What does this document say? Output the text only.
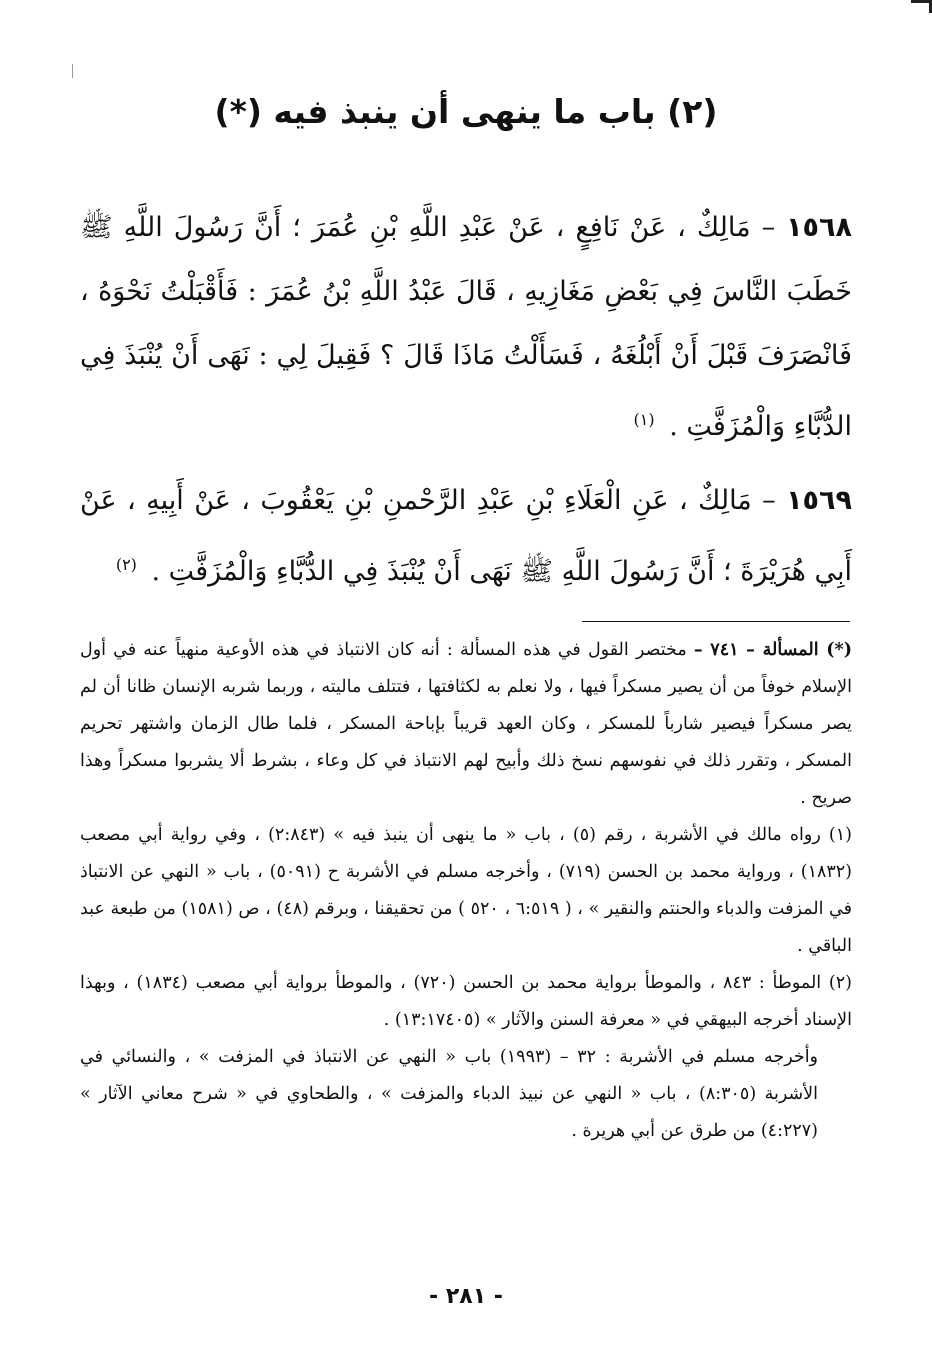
(٢) باب ما ينهى أن ينبذ فيه (*)

١٥٦٨ – مَالِكٌ ، عَنْ نَافِعٍ ، عَنْ عَبْدِ اللَّهِ بْنِ عُمَرَ ؛ أَنَّ رَسُولَ اللَّهِ ﷺ خَطَبَ النَّاسَ فِي بَعْضِ مَغَازِيهِ ، قَالَ عَبْدُ اللَّهِ بْنُ عُمَرَ : فَأَقْبَلْتُ نَحْوَهُ ، فَانْصَرَفَ قَبْلَ أَنْ أَبْلُغَهُ ، فَسَأَلْتُ مَاذَا قَالَ ؟ فَقِيلَ لِي : نَهَى أَنْ يُنْبَذَ فِي الدُّبَّاءِ وَالْمُزَفَّتِ . $^{(١)}$

١٥٦٩ – مَالِكٌ ، عَنِ الْعَلَاءِ بْنِ عَبْدِ الرَّحْمنِ بْنِ يَعْقُوبَ ، عَنْ أَبِيهِ ، عَنْ أَبِي هُرَيْرَةَ ؛ أَنَّ رَسُولَ اللَّهِ ﷺ نَهَى أَنْ يُنْبَذَ فِي الدُّبَّاءِ وَالْمُزَفَّتِ . $^{(٢)}$

(*) المسألة – ٧٤١ – مختصر القول في هذه المسألة : أنه كان الانتباذ في هذه الأوعية منهياً عنه في أول الإسلام خوفاً من أن يصير مسكراً فيها ، ولا نعلم به لكثافتها ، فتتلف ماليته ، وربما شربه الإنسان ظانا أن لم يصر مسكراً فيصير شارباً للمسكر ، وكان العهد قريباً بإباحة المسكر ، فلما طال الزمان واشتهر تحريم المسكر ، وتقرر ذلك في نفوسهم نسخ ذلك وأبيح لهم الانتباذ في كل وعاء ، بشرط ألا يشربوا مسكراً وهذا صريح .

(١) رواه مالك في الأشربة ، رقم (٥) ، باب « ما ينهى أن ينبذ فيه » (٢:٨٤٣) ، وفي رواية أبي مصعب (١٨٣٢) ، ورواية محمد بن الحسن (٧١٩) ، وأخرجه مسلم في الأشربة ح (٥٠٩١) ، باب « النهي عن الانتباذ في المزفت والدباء والحنتم والنقير » ، ( ٦:٥١٩ ، ٥٢٠ ) من تحقيقنا ، وبرقم (٤٨) ، ص (١٥٨١) من طبعة عبد الباقي .

(٢) الموطأ : ٨٤٣ ، والموطأ برواية محمد بن الحسن (٧٢٠) ، والموطأ برواية أبي مصعب (١٨٣٤) ، وبهذا الإسناد أخرجه البيهقي في « معرفة السنن والآثار » (١٣:١٧٤٠٥) .

وأخرجه مسلم في الأشربة : ٣٢ – (١٩٩٣) باب « النهي عن الانتباذ في المزفت » ، والنسائي في الأشربة (٨:٣٠٥) ، باب « النهي عن نبيذ الدباء والمزفت » ، والطحاوي في « شرح معاني الآثار » (٤:٢٢٧) من طرق عن أبي هريرة .

- ٢٨١ -
